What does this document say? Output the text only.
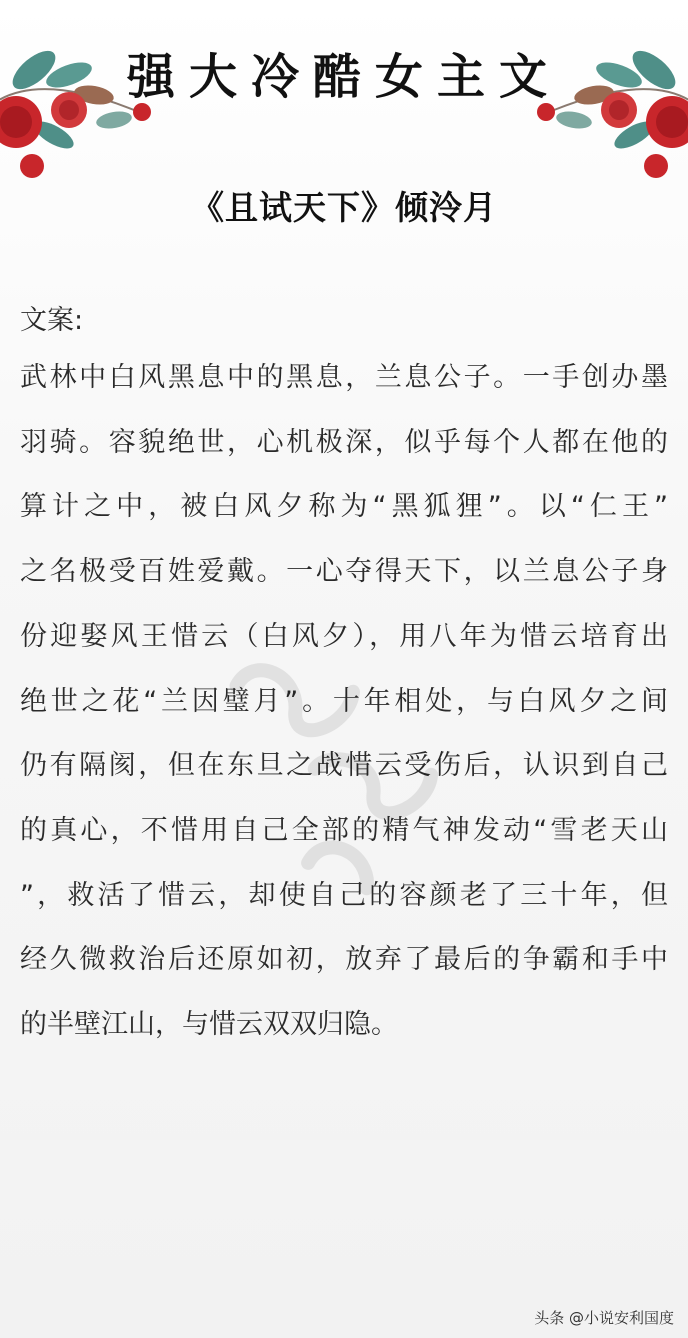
强大冷酷女主文
《且试天下》倾泠月
文案:
武林中白风黑息中的黑息，兰息公子。一手创办墨
羽骑。容貌绝世，心机极深，似乎每个人都在他的
算计之中，被白风夕称为“黑狐狸”。以“仁王”
之名极受百姓爱戴。一心夺得天下，以兰息公子身
份迎娶风王惜云（白风夕），用八年为惜云培育出
绝世之花“兰因璧月”。十年相处，与白风夕之间
仍有隔阂，但在东旦之战惜云受伤后，认识到自己
的真心，不惜用自己全部的精气神发动“雪老天山
”，救活了惜云，却使自己的容颜老了三十年，但
经久微救治后还原如初，放弃了最后的争霸和手中
的半壁江山，与惜云双双归隐。
头条 @小说安利国度
